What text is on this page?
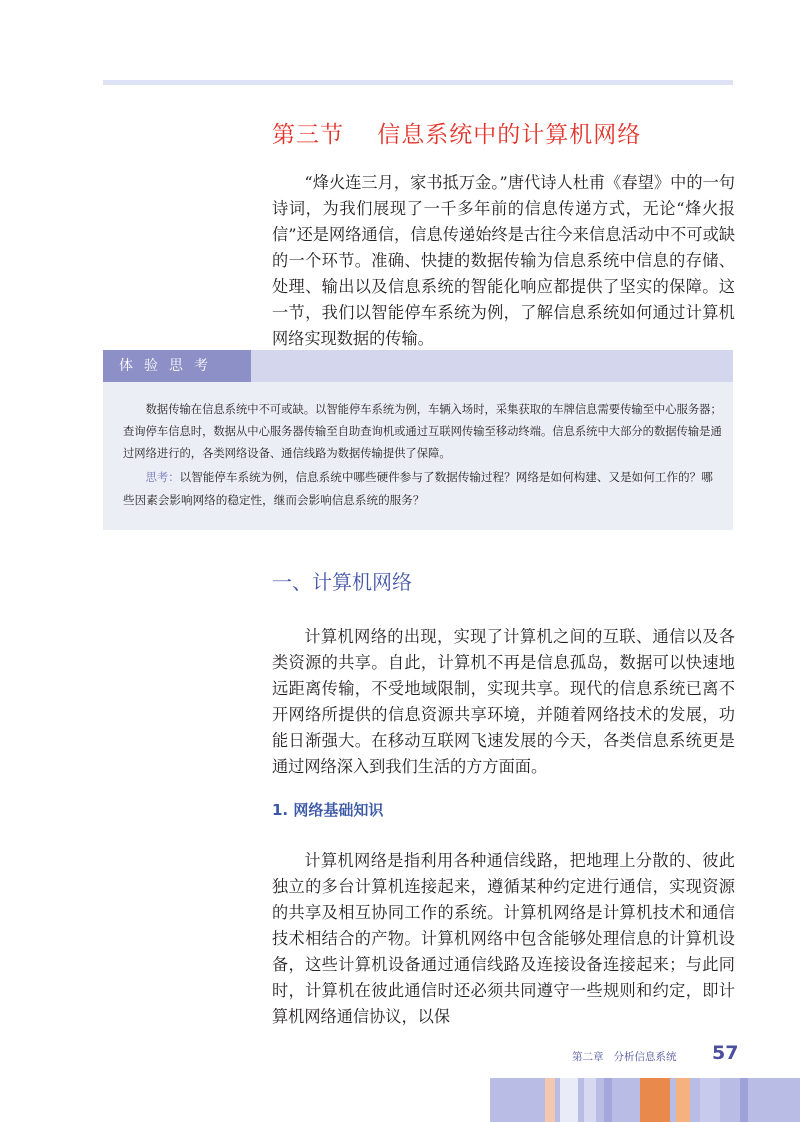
第三节    信息系统中的计算机网络

“烽火连三月，家书抵万金。”唐代诗人杜甫《春望》中的一句诗词，为我们展现了一千多年前的信息传递方式，无论“烽火报信”还是网络通信，信息传递始终是古往今来信息活动中不可或缺的一个环节。准确、快捷的数据传输为信息系统中信息的存储、处理、输出以及信息系统的智能化响应都提供了坚实的保障。这一节，我们以智能停车系统为例，了解信息系统如何通过计算机网络实现数据的传输。

体验思考

数据传输在信息系统中不可或缺。以智能停车系统为例，车辆入场时，采集获取的车牌信息需要传输至中心服务器；查询停车信息时，数据从中心服务器传输至自助查询机或通过互联网传输至移动终端。信息系统中大部分的数据传输是通过网络进行的，各类网络设备、通信线路为数据传输提供了保障。

思考：以智能停车系统为例，信息系统中哪些硬件参与了数据传输过程？网络是如何构建、又是如何工作的？哪些因素会影响网络的稳定性，继而会影响信息系统的服务？

一、计算机网络

计算机网络的出现，实现了计算机之间的互联、通信以及各类资源的共享。自此，计算机不再是信息孤岛，数据可以快速地远距离传输，不受地域限制，实现共享。现代的信息系统已离不开网络所提供的信息资源共享环境，并随着网络技术的发展，功能日渐强大。在移动互联网飞速发展的今天，各类信息系统更是通过网络深入到我们生活的方方面面。

1. 网络基础知识

计算机网络是指利用各种通信线路，把地理上分散的、彼此独立的多台计算机连接起来，遵循某种约定进行通信，实现资源的共享及相互协同工作的系统。计算机网络是计算机技术和通信技术相结合的产物。计算机网络中包含能够处理信息的计算机设备，这些计算机设备通过通信线路及连接设备连接起来；与此同时，计算机在彼此通信时还必须共同遵守一些规则和约定，即计算机网络通信协议，以保

第二章   分析信息系统 57
